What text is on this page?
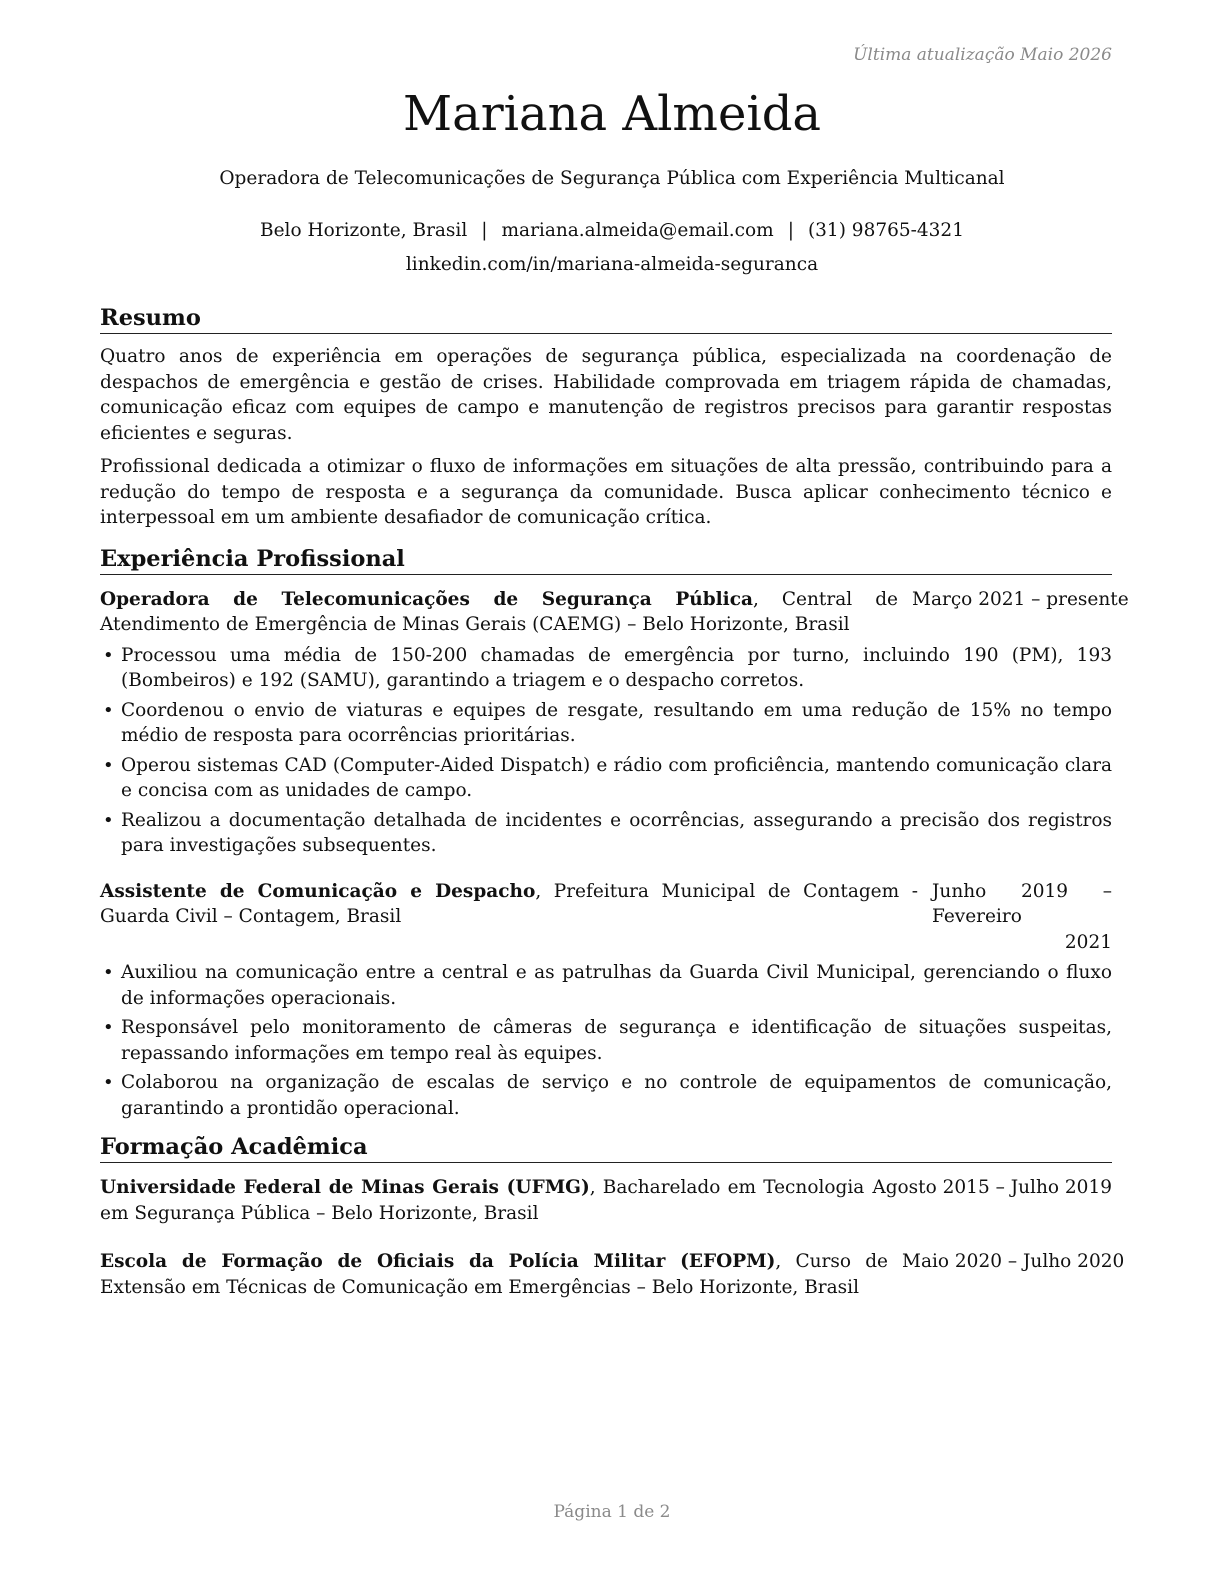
Última atualização Maio 2026
Mariana Almeida
Operadora de Telecomunicações de Segurança Pública com Experiência Multicanal
Belo Horizonte, Brasil | mariana.almeida@email.com | (31) 98765-4321
linkedin.com/in/mariana-almeida-seguranca
Resumo

Quatro anos de experiência em operações de segurança pública, especializada na coordenação de despachos de emergência e gestão de crises. Habilidade comprovada em triagem rápida de chamadas, comunicação eficaz com equipes de campo e manutenção de registros precisos para garantir respostas eficientes e seguras.

Profissional dedicada a otimizar o fluxo de informações em situações de alta pressão, contribuindo para a redução do tempo de resposta e a segurança da comunidade. Busca aplicar conhecimento técnico e interpessoal em um ambiente desafiador de comunicação crítica.

Experiência Profissional
Operadora de Telecomunicações de Segurança Pública, Central de Atendimento de Emergência de Minas Gerais (CAEMG) – Belo Horizonte, Brasil
Março 2021 – presente
• Processou uma média de 150-200 chamadas de emergência por turno, incluindo 190 (PM), 193 (Bombeiros) e 192 (SAMU), garantindo a triagem e o despacho corretos.
• Coordenou o envio de viaturas e equipes de resgate, resultando em uma redução de 15% no tempo médio de resposta para ocorrências prioritárias.
• Operou sistemas CAD (Computer-Aided Dispatch) e rádio com proficiência, mantendo comunicação clara e concisa com as unidades de campo.
• Realizou a documentação detalhada de incidentes e ocorrências, assegurando a precisão dos registros para investigações subsequentes.
Assistente de Comunicação e Despacho, Prefeitura Municipal de Contagem - Guarda Civil – Contagem, Brasil
Junho 2019 – Fevereiro
2021
• Auxiliou na comunicação entre a central e as patrulhas da Guarda Civil Municipal, gerenciando o fluxo de informações operacionais.
• Responsável pelo monitoramento de câmeras de segurança e identificação de situações suspeitas, repassando informações em tempo real às equipes.
• Colaborou na organização de escalas de serviço e no controle de equipamentos de comunicação, garantindo a prontidão operacional.
Formação Acadêmica
Universidade Federal de Minas Gerais (UFMG), Bacharelado em Tecnologia em Segurança Pública – Belo Horizonte, Brasil
Agosto 2015 – Julho 2019
Escola de Formação de Oficiais da Polícia Militar (EFOPM), Curso de Extensão em Técnicas de Comunicação em Emergências – Belo Horizonte, Brasil
Maio 2020 – Julho 2020
Página 1 de 2
